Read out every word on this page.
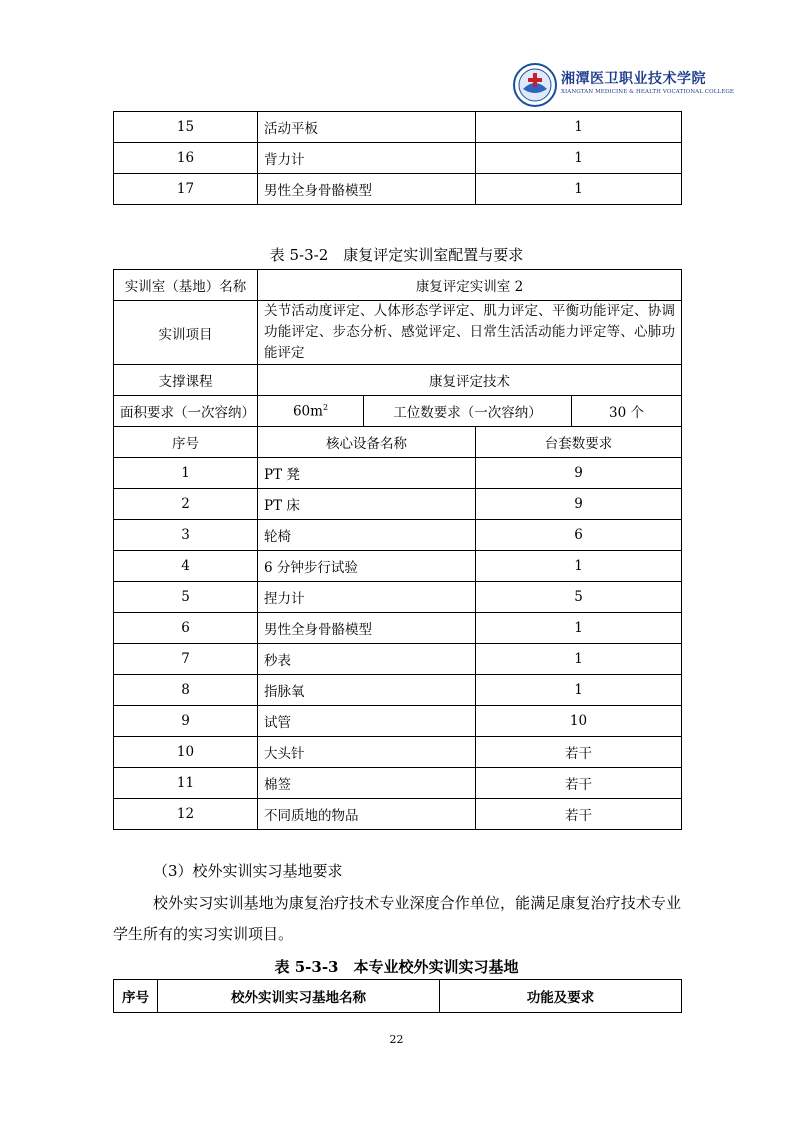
湘潭医卫职业技术学院
XIANGTAN MEDICINE & HEALTH VOCATIONAL COLLEGE
15	活动平板	1
16	背力计	1
17	男性全身骨骼模型	1
表 5-3-2　康复评定实训室配置与要求
实训室（基地）名称	康复评定实训室 2			
实训项目	关节活动度评定、人体形态学评定、肌力评定、平衡功能评定、协调功能评定、步态分析、感觉评定、日常生活活动能力评定等、心肺功能评定			
支撑课程	康复评定技术			
面积要求（一次容纳）	$60m^2$	工位数要求（一次容纳）		30 个
序号	核心设备名称		台套数要求	
1	PT 凳		9	
2	PT 床		9	
3	轮椅		6	
4	6 分钟步行试验		1	
5	捏力计		5	
6	男性全身骨骼模型		1	
7	秒表		1	
8	指脉氧		1	
9	试管		10	
10	大头针		若干	
11	棉签		若干	
12	不同质地的物品		若干	
（3）校外实训实习基地要求
校外实习实训基地为康复治疗技术专业深度合作单位，能满足康复治疗技术专业学生所有的实习实训项目。
表 5-3-3　本专业校外实训实习基地
序号	校外实训实习基地名称	功能及要求
22
